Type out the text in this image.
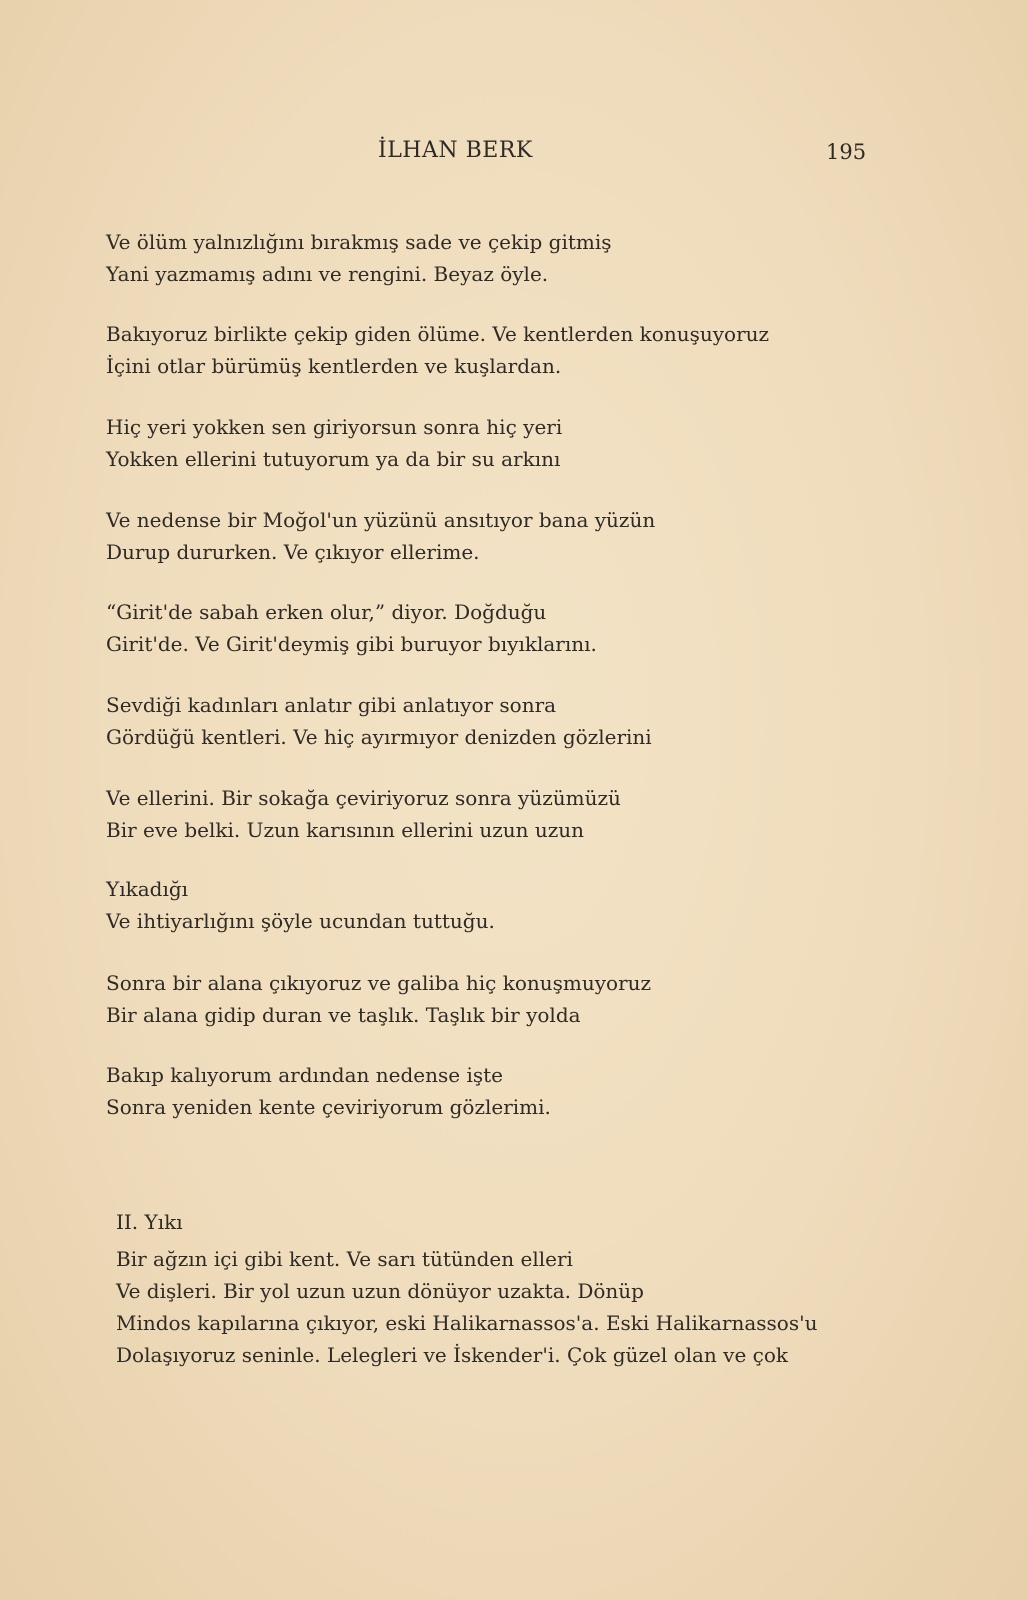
İLHAN BERK	195
Ve ölüm yalnızlığını bırakmış sade ve çekip gitmiş
Yani yazmamış adını ve rengini. Beyaz öyle.
Bakıyoruz birlikte çekip giden ölüme. Ve kentlerden konuşuyoruz
İçini otlar bürümüş kentlerden ve kuşlardan.
Hiç yeri yokken sen giriyorsun sonra hiç yeri
Yokken ellerini tutuyorum ya da bir su arkını
Ve nedense bir Moğol'un yüzünü ansıtıyor bana yüzün
Durup dururken. Ve çıkıyor ellerime.
“Girit'de sabah erken olur,” diyor. Doğduğu
Girit'de. Ve Girit'deymiş gibi buruyor bıyıklarını.
Sevdiği kadınları anlatır gibi anlatıyor sonra
Gördüğü kentleri. Ve hiç ayırmıyor denizden gözlerini
Ve ellerini. Bir sokağa çeviriyoruz sonra yüzümüzü
Bir eve belki. Uzun karısının ellerini uzun uzun
Yıkadığı
Ve ihtiyarlığını şöyle ucundan tuttuğu.
Sonra bir alana çıkıyoruz ve galiba hiç konuşmuyoruz
Bir alana gidip duran ve taşlık. Taşlık bir yolda
Bakıp kalıyorum ardından nedense işte
Sonra yeniden kente çeviriyorum gözlerimi.
II. Yıkı
Bir ağzın içi gibi kent. Ve sarı tütünden elleri
Ve dişleri. Bir yol uzun uzun dönüyor uzakta. Dönüp
Mindos kapılarına çıkıyor, eski Halikarnassos'a. Eski Halikarnassos'u
Dolaşıyoruz seninle. Lelegleri ve İskender'i. Çok güzel olan ve çok
